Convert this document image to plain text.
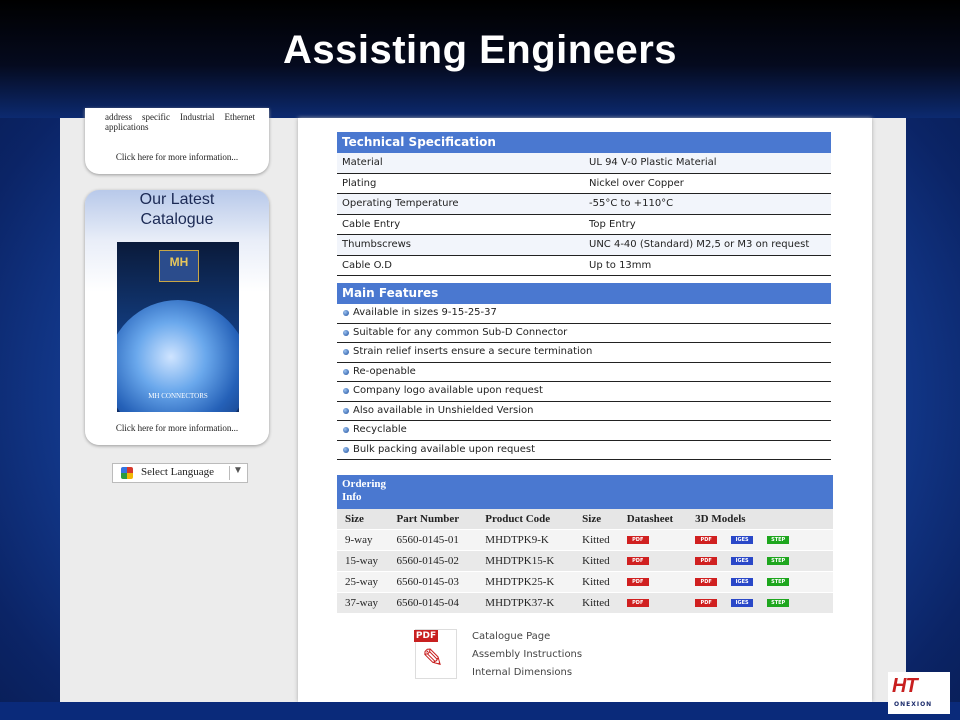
Assisting Engineers
address specific Industrial Ethernet applications
Click here for more information...
Our Latest
Catalogue
MH
MH CONNECTORS
Click here for more information...
Select Language ▼
Technical Specification
Material	UL 94 V-0 Plastic Material
Plating	Nickel over Copper
Operating Temperature	-55°C to +110°C
Cable Entry	Top Entry
Thumbscrews	UNC 4-40 (Standard) M2,5 or M3 on request
Cable O.D	Up to 13mm
Main Features
Available in sizes 9-15-25-37
Suitable for any common Sub-D Connector
Strain relief inserts ensure a secure termination
Re-openable
Company logo available upon request
Also available in Unshielded Version
Recyclable
Bulk packing available upon request
Ordering
Info
Size	Part Number	Product Code	Size	Datasheet	3D Models
9-way	6560-0145-01	MHDTPK9-K	Kitted	PDF	PDF IGES STEP
15-way	6560-0145-02	MHDTPK15-K	Kitted	PDF	PDF IGES STEP
25-way	6560-0145-03	MHDTPK25-K	Kitted	PDF	PDF IGES STEP
37-way	6560-0145-04	MHDTPK37-K	Kitted	PDF	PDF IGES STEP
PDF
✎
Catalogue Page
Assembly Instructions
Internal Dimensions
HT
ONEXION
